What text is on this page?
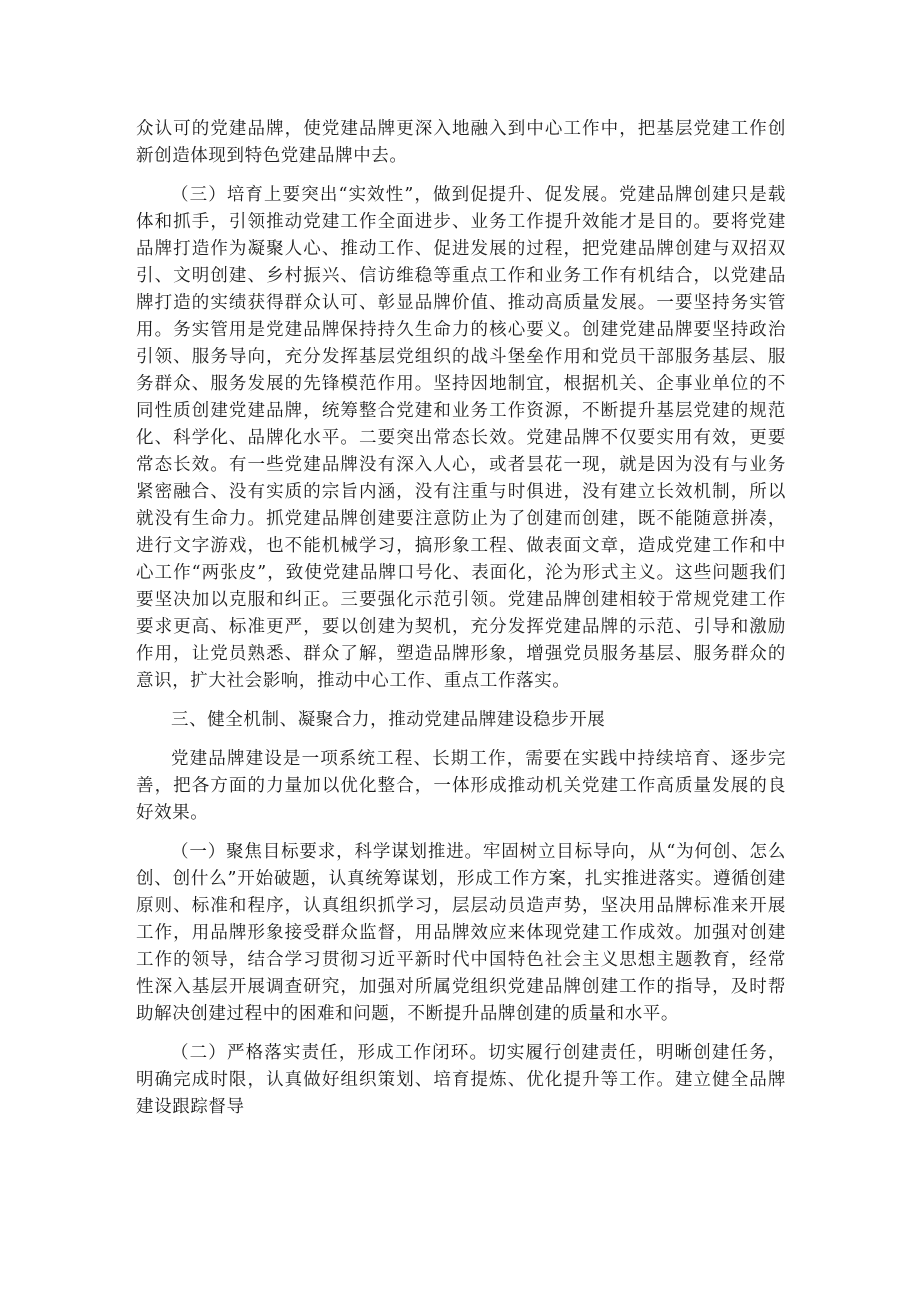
众认可的党建品牌，使党建品牌更深入地融入到中心工作中，把基层党建工作创新创造体现到特色党建品牌中去。

（三）培育上要突出“实效性”，做到促提升、促发展。党建品牌创建只是载体和抓手，引领推动党建工作全面进步、业务工作提升效能才是目的。要将党建品牌打造作为凝聚人心、推动工作、促进发展的过程，把党建品牌创建与双招双引、文明创建、乡村振兴、信访维稳等重点工作和业务工作有机结合，以党建品牌打造的实绩获得群众认可、彰显品牌价值、推动高质量发展。一要坚持务实管用。务实管用是党建品牌保持持久生命力的核心要义。创建党建品牌要坚持政治引领、服务导向，充分发挥基层党组织的战斗堡垒作用和党员干部服务基层、服务群众、服务发展的先锋模范作用。坚持因地制宜，根据机关、企事业单位的不同性质创建党建品牌，统筹整合党建和业务工作资源，不断提升基层党建的规范化、科学化、品牌化水平。二要突出常态长效。党建品牌不仅要实用有效，更要常态长效。有一些党建品牌没有深入人心，或者昙花一现，就是因为没有与业务紧密融合、没有实质的宗旨内涵，没有注重与时俱进，没有建立长效机制，所以就没有生命力。抓党建品牌创建要注意防止为了创建而创建，既不能随意拼凑，进行文字游戏，也不能机械学习，搞形象工程、做表面文章，造成党建工作和中心工作“两张皮”，致使党建品牌口号化、表面化，沦为形式主义。这些问题我们要坚决加以克服和纠正。三要强化示范引领。党建品牌创建相较于常规党建工作要求更高、标准更严，要以创建为契机，充分发挥党建品牌的示范、引导和激励作用，让党员熟悉、群众了解，塑造品牌形象，增强党员服务基层、服务群众的意识，扩大社会影响，推动中心工作、重点工作落实。

三、健全机制、凝聚合力，推动党建品牌建设稳步开展

党建品牌建设是一项系统工程、长期工作，需要在实践中持续培育、逐步完善，把各方面的力量加以优化整合，一体形成推动机关党建工作高质量发展的良好效果。

（一）聚焦目标要求，科学谋划推进。牢固树立目标导向，从“为何创、怎么创、创什么”开始破题，认真统筹谋划，形成工作方案，扎实推进落实。遵循创建原则、标准和程序，认真组织抓学习，层层动员造声势，坚决用品牌标准来开展工作，用品牌形象接受群众监督，用品牌效应来体现党建工作成效。加强对创建工作的领导，结合学习贯彻习近平新时代中国特色社会主义思想主题教育，经常性深入基层开展调查研究，加强对所属党组织党建品牌创建工作的指导，及时帮助解决创建过程中的困难和问题，不断提升品牌创建的质量和水平。

（二）严格落实责任，形成工作闭环。切实履行创建责任，明晰创建任务，明确完成时限，认真做好组织策划、培育提炼、优化提升等工作。建立健全品牌建设跟踪督导
